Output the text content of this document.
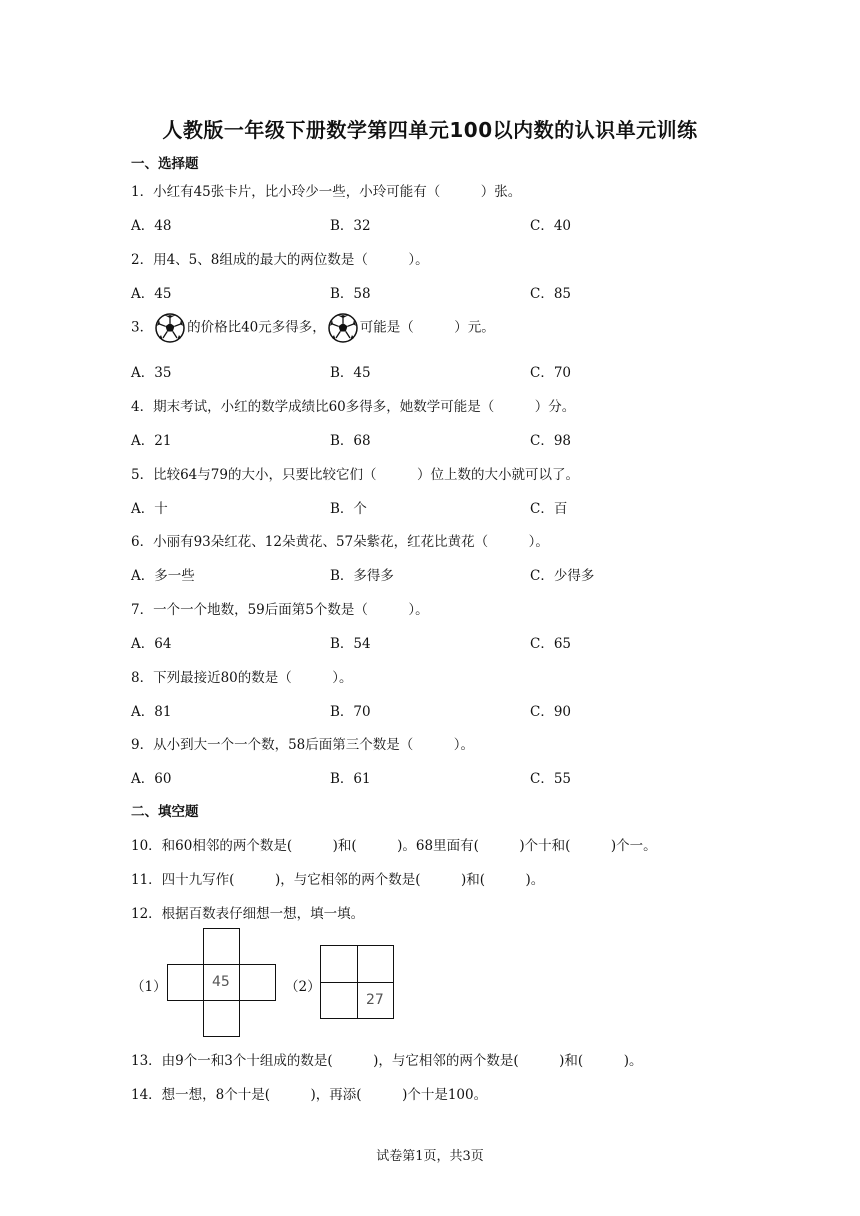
人教版一年级下册数学第四单元100以内数的认识单元训练
一、选择题
1．小红有45张卡片，比小玲少一些，小玲可能有（　　　）张。
A．48	B．32	C．40
2．用4、5、8组成的最大的两位数是（　　　）。
A．45	B．58	C．85
3．	的价格比40元多得多，	可能是（　　　）元。
A．35	B．45	C．70
4．期末考试，小红的数学成绩比60多得多，她数学可能是（　　　）分。
A．21	B．68	C．98
5．比较64与79的大小，只要比较它们（　　　）位上数的大小就可以了。
A．十	B．个	C．百
6．小丽有93朵红花、12朵黄花、57朵紫花，红花比黄花（　　　）。
A．多一些	B．多得多	C．少得多
7．一个一个地数，59后面第5个数是（　　　）。
A．64	B．54	C．65
8．下列最接近80的数是（　　　）。
A．81	B．70	C．90
9．从小到大一个一个数，58后面第三个数是（　　　）。
A．60	B．61	C．55
二、填空题
10．和60相邻的两个数是(　　　)和(　　　)。68里面有(　　　)个十和(　　　)个一。
11．四十九写作(　　　)，与它相邻的两个数是(　　　)和(　　　)。
12．根据百数表仔细想一想，填一填。
（1）	45	（2）
27
13．由9个一和3个十组成的数是(　　　)，与它相邻的两个数是(　　　)和(　　　)。
14．想一想，8个十是(　　　)，再添(　　　)个十是100。
试卷第1页，共3页
